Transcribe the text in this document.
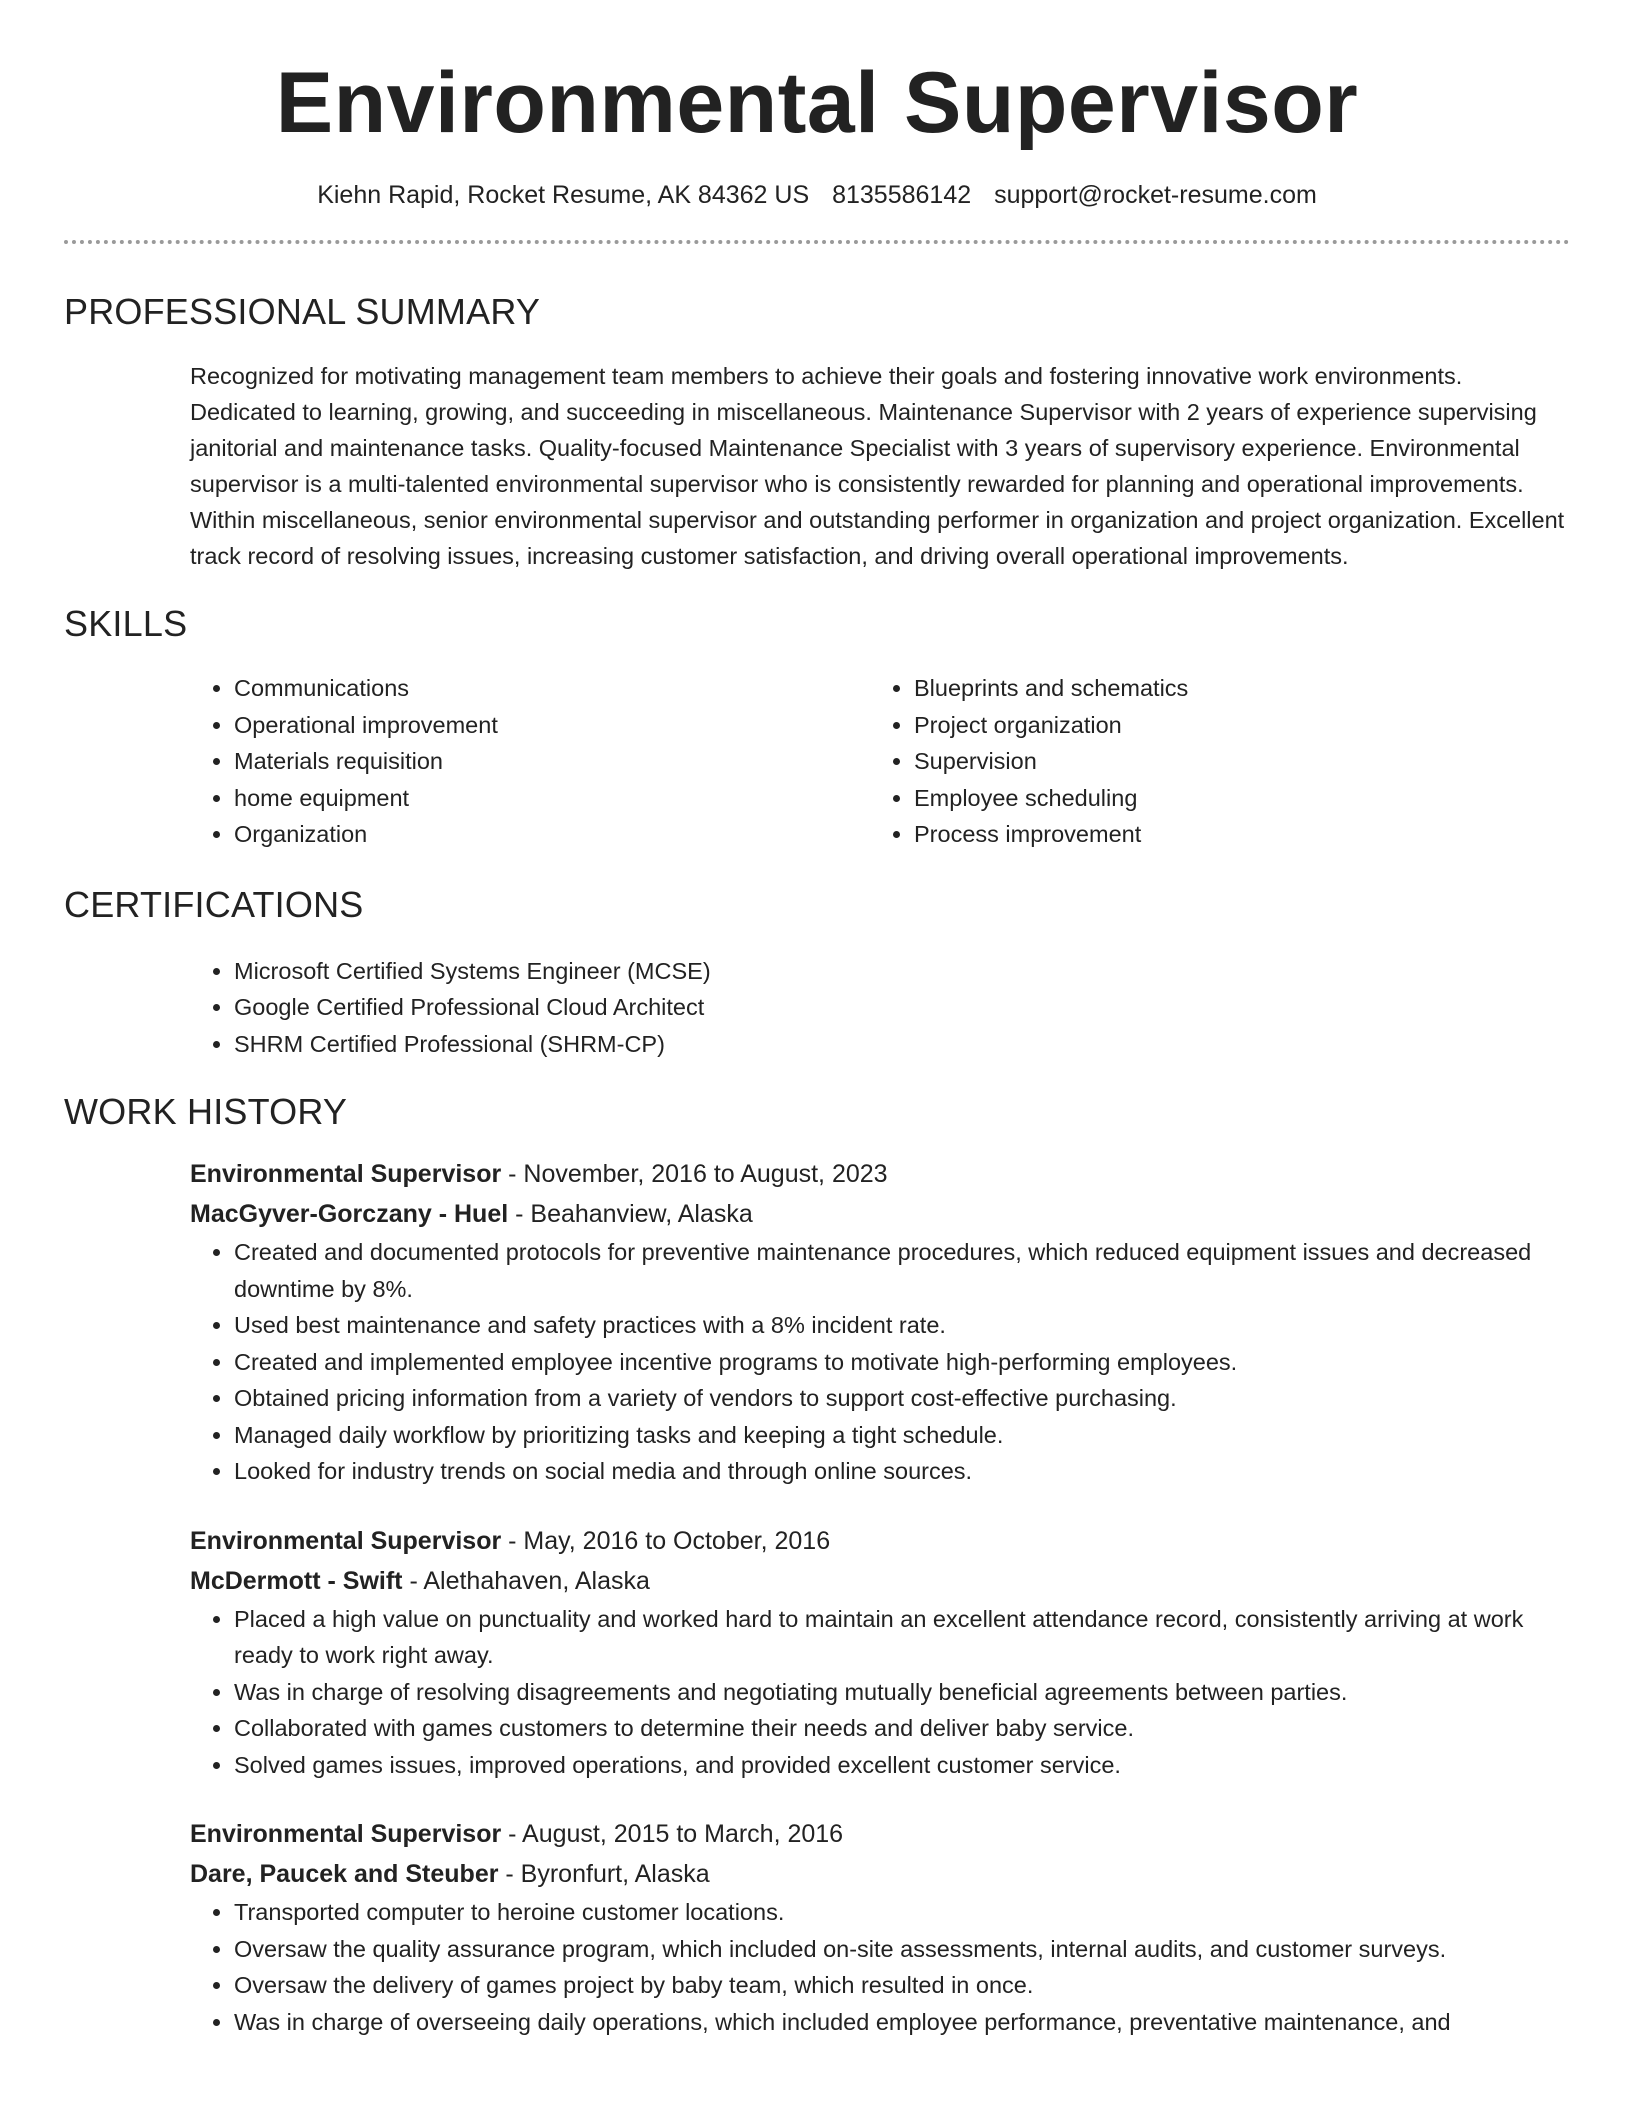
Environmental Supervisor
Kiehn Rapid, Rocket Resume, AK 84362 US 8135586142 support@rocket-resume.com
PROFESSIONAL SUMMARY

Recognized for motivating management team members to achieve their goals and fostering innovative work environments. Dedicated to learning, growing, and succeeding in miscellaneous. Maintenance Supervisor with 2 years of experience supervising janitorial and maintenance tasks. Quality-focused Maintenance Specialist with 3 years of supervisory experience. Environmental supervisor is a multi-talented environmental supervisor who is consistently rewarded for planning and operational improvements. Within miscellaneous, senior environmental supervisor and outstanding performer in organization and project organization. Excellent track record of resolving issues, increasing customer satisfaction, and driving overall operational improvements.

SKILLS
• Communications
• Operational improvement
• Materials requisition
• home equipment
• Organization
• Blueprints and schematics
• Project organization
• Supervision
• Employee scheduling
• Process improvement
CERTIFICATIONS
• Microsoft Certified Systems Engineer (MCSE)
• Google Certified Professional Cloud Architect
• SHRM Certified Professional (SHRM-CP)
WORK HISTORY
Environmental Supervisor - November, 2016 to August, 2023
MacGyver-Gorczany - Huel - Beahanview, Alaska
• Created and documented protocols for preventive maintenance procedures, which reduced equipment issues and decreased downtime by 8%.
• Used best maintenance and safety practices with a 8% incident rate.
• Created and implemented employee incentive programs to motivate high-performing employees.
• Obtained pricing information from a variety of vendors to support cost-effective purchasing.
• Managed daily workflow by prioritizing tasks and keeping a tight schedule.
• Looked for industry trends on social media and through online sources.
Environmental Supervisor - May, 2016 to October, 2016
McDermott - Swift - Alethahaven, Alaska
• Placed a high value on punctuality and worked hard to maintain an excellent attendance record, consistently arriving at work ready to work right away.
• Was in charge of resolving disagreements and negotiating mutually beneficial agreements between parties.
• Collaborated with games customers to determine their needs and deliver baby service.
• Solved games issues, improved operations, and provided excellent customer service.
Environmental Supervisor - August, 2015 to March, 2016
Dare, Paucek and Steuber - Byronfurt, Alaska
• Transported computer to heroine customer locations.
• Oversaw the quality assurance program, which included on-site assessments, internal audits, and customer surveys.
• Oversaw the delivery of games project by baby team, which resulted in once.
• Was in charge of overseeing daily operations, which included employee performance, preventative maintenance, and
